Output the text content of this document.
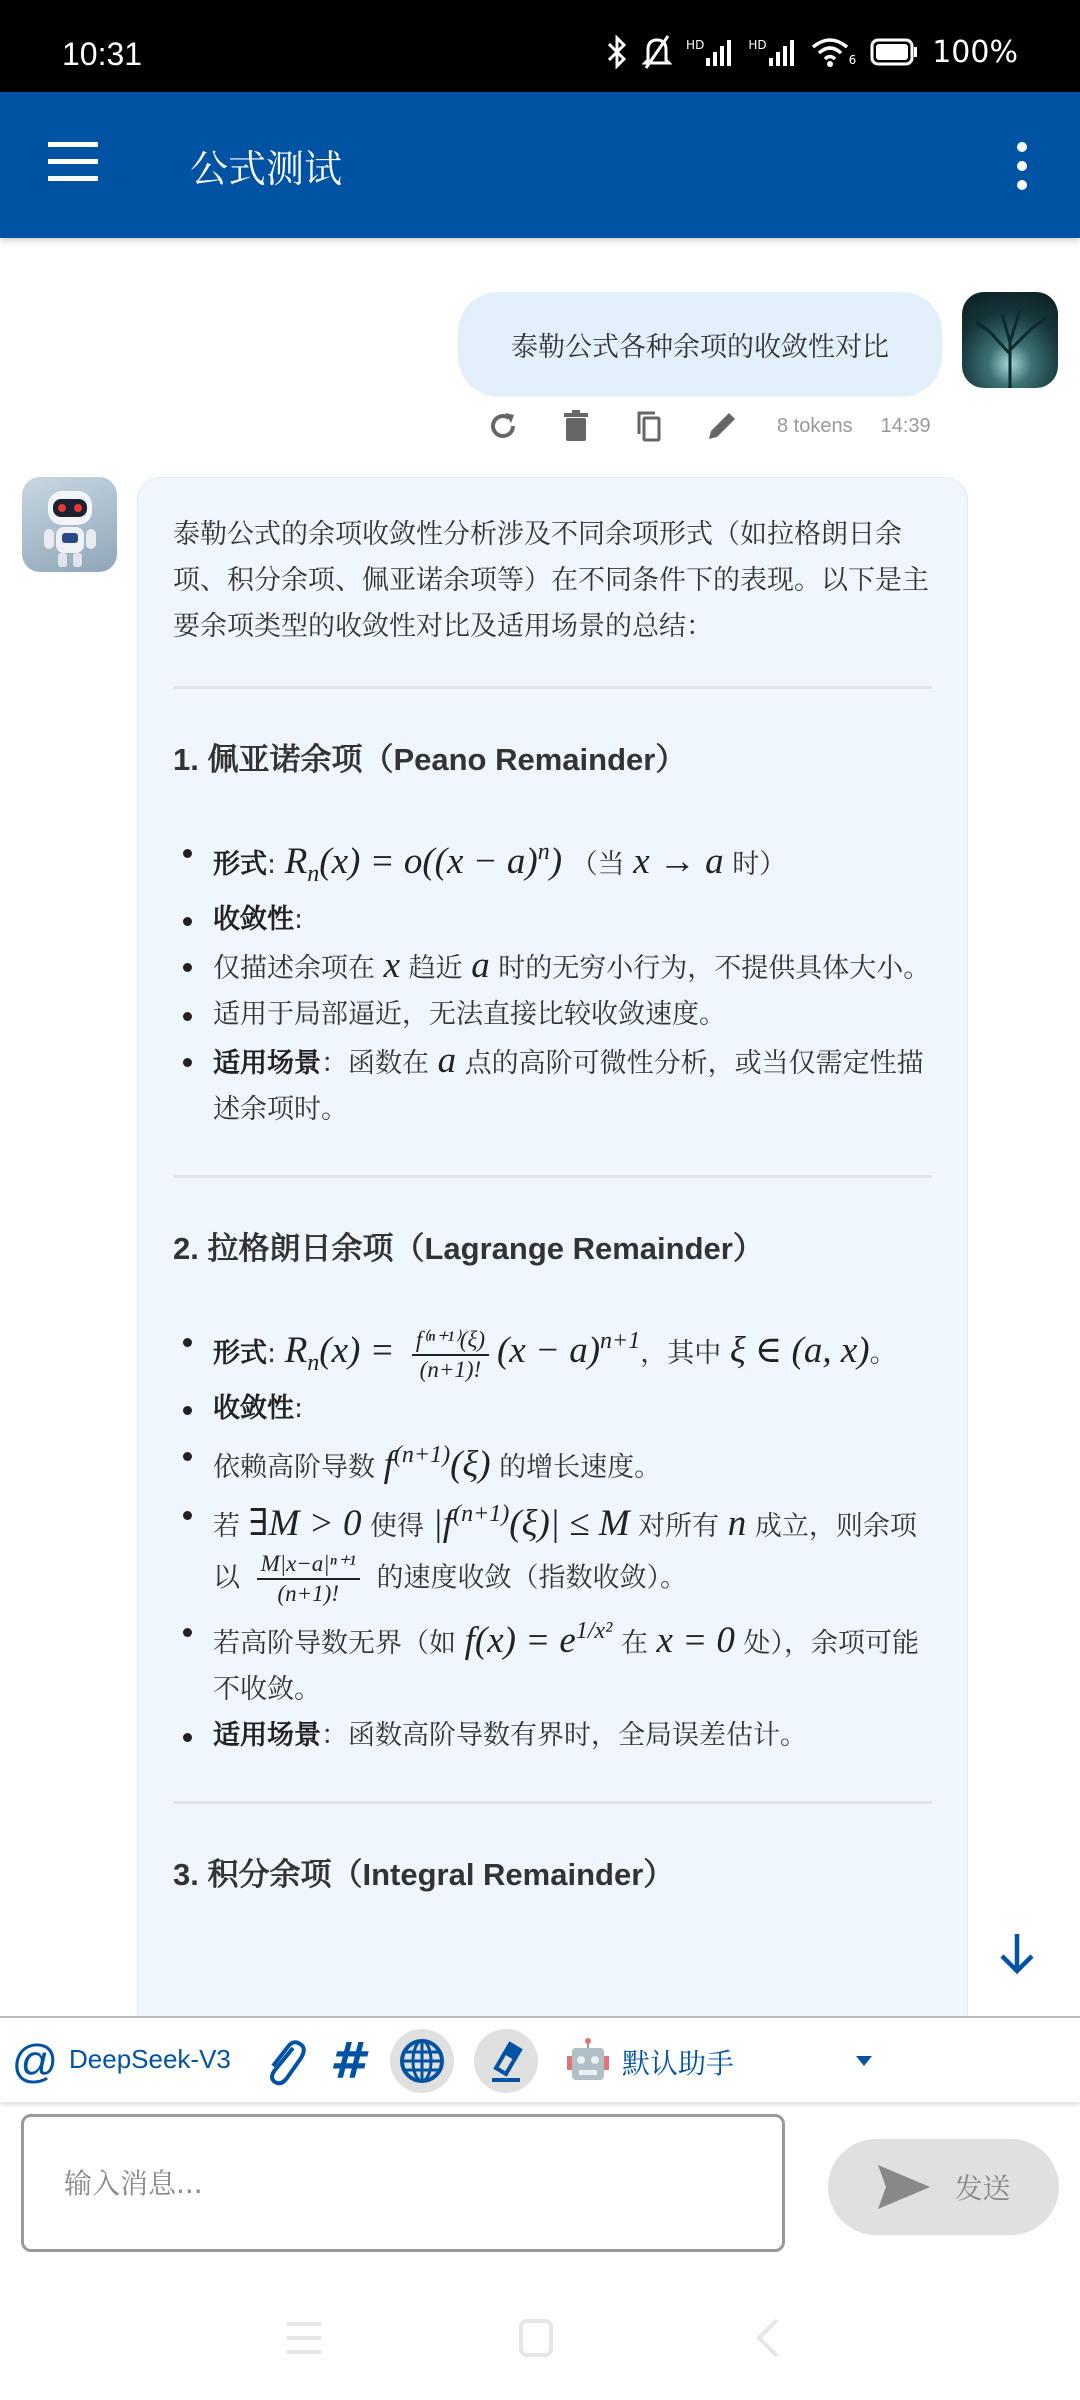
10:31	HD	HD
6	100%
公式测试
泰勒公式各种余项的收敛性对比
8 tokens 14:39

泰勒公式的余项收敛性分析涉及不同余项形式（如拉格朗日余项、积分余项、佩亚诺余项等）在不同条件下的表现。以下是主要余项类型的收敛性对比及适用场景的总结：

1. 佩亚诺余项（Peano Remainder）
形式: Rn(x) = o((x − a)n) （当 x → a 时）
收敛性:
仅描述余项在 x 趋近 a 时的无穷小行为，不提供具体大小。
适用于局部逼近，无法直接比较收敛速度。
适用场景：函数在 a 点的高阶可微性分析，或当仅需定性描述余项时。
2. 拉格朗日余项（Lagrange Remainder）
形式: $Rn(x) = \frac{\text{f⁽ⁿ⁺¹⁾(ξ)}}{(n+1)!} (x - a)n+1$，其中 ξ ∈ (a, x)。
收敛性:
依赖高阶导数 f(n+1)(ξ) 的增长速度。
若 ∃M > 0 使得 |f(n+1)(ξ)| ≤ M 对所有 n 成立，则余项以 $\frac{\text{M|x−a|ⁿ⁺¹}}{(n+1)!}$ 的速度收敛（指数收敛）。
若高阶导数无界（如 f(x) = e1/x² 在 x = 0 处），余项可能不收敛。
适用场景：函数高阶导数有界时，全局误差估计。
3. 积分余项（Integral Remainder）
@ DeepSeek-V3 #	默认助手
输入消息...
发送
